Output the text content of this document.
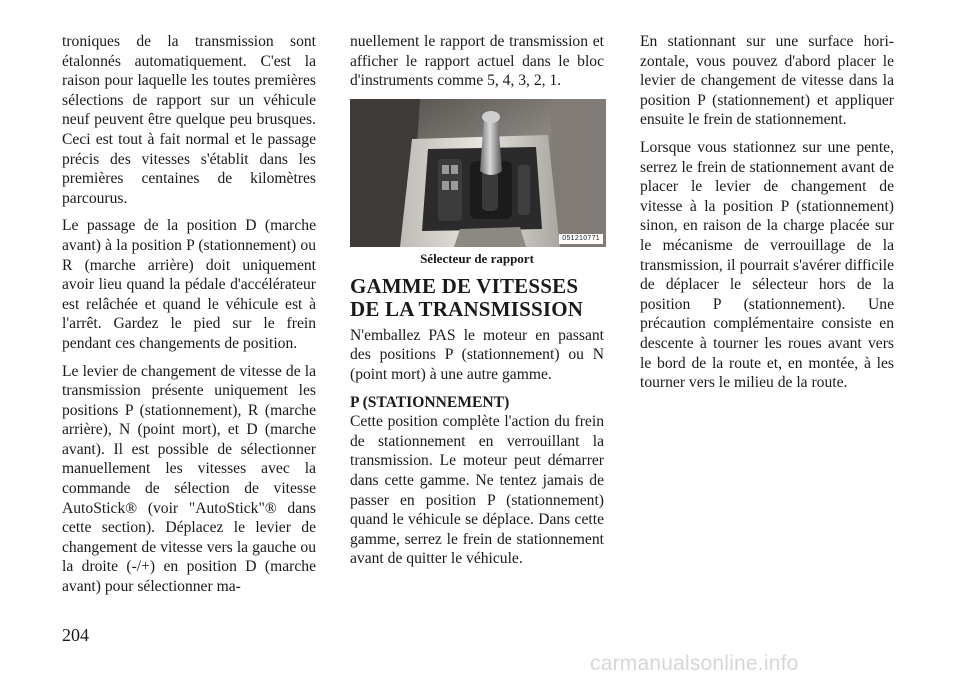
troniques de la transmission sont étalonnés automatiquement. C'est la raison pour laquelle les toutes premières sélections de rapport sur un véhicule neuf peuvent être quelque peu brusques. Ceci est tout à fait normal et le passage précis des vitesses s'établit dans les premières centaines de kilomètres parcourus.

Le passage de la position D (marche avant) à la position P (stationnement) ou R (marche arrière) doit uniquement avoir lieu quand la pédale d'accélérateur est relâchée et quand le véhicule est à l'arrêt. Gardez le pied sur le frein pendant ces changements de position.

Le levier de changement de vitesse de la transmission présente uniquement les positions P (stationnement), R (marche arrière), N (point mort), et D (marche avant). Il est possible de sélectionner manuellement les vitesses avec la commande de sélection de vitesse AutoStick® (voir "AutoStick"® dans cette section). Déplacez le levier de changement de vitesse vers la gauche ou la droite (-/+) en position D (marche avant) pour sélectionner ma-

nuellement le rapport de transmission et afficher le rapport actuel dans le bloc d'instruments comme 5, 4, 3, 2, 1.

051210771

Sélecteur de rapport

GAMME DE VITESSES DE LA TRANSMISSION

N'emballez PAS le moteur en passant des positions P (stationnement) ou N (point mort) à une autre gamme.

P (STATIONNEMENT)

Cette position complète l'action du frein de stationnement en verrouillant la transmission. Le moteur peut démarrer dans cette gamme. Ne tentez jamais de passer en position P (stationnement) quand le véhicule se déplace. Dans cette gamme, serrez le frein de stationnement avant de quitter le véhicule.

En stationnant sur une surface horizontale, vous pouvez d'abord placer le levier de changement de vitesse dans la position P (stationnement) et appliquer ensuite le frein de stationnement.

Lorsque vous stationnez sur une pente, serrez le frein de stationnement avant de placer le levier de changement de vitesse à la position P (stationnement) sinon, en raison de la charge placée sur le mécanisme de verrouillage de la transmission, il pourrait s'avérer difficile de déplacer le sélecteur hors de la position P (stationnement). Une précaution complémentaire consiste en descente à tourner les roues avant vers le bord de la route et, en montée, à les tourner vers le milieu de la route.

204
carmanualsonline.info
